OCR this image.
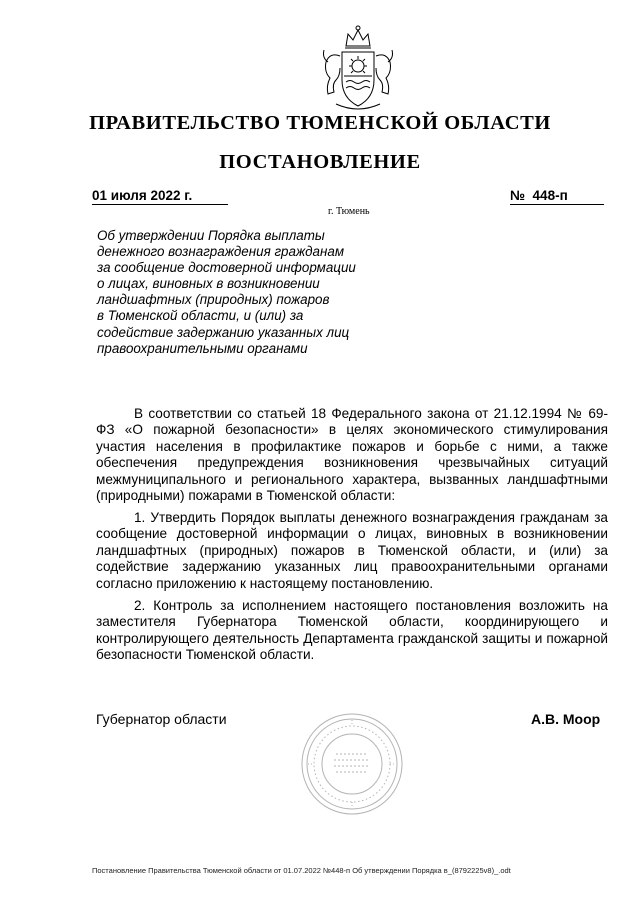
ПРАВИТЕЛЬСТВО ТЮМЕНСКОЙ ОБЛАСТИ
ПОСТАНОВЛЕНИЕ
01 июля 2022 г.	№  448-п
г. Тюмень
Об утверждении Порядка выплаты
денежного вознаграждения гражданам
за сообщение достоверной информации
о лицах, виновных в возникновении
ландшафтных (природных) пожаров
в Тюменской области, и (или) за
содействие задержанию указанных лиц
правоохранительными органами

В соответствии со статьей 18 Федерального закона от 21.12.1994 № 69-ФЗ «О пожарной безопасности» в целях экономического стимулирования участия населения в профилактике пожаров и борьбе с ними, а также обеспечения предупреждения возникновения чрезвычайных ситуаций межмуниципального и регионального характера, вызванных ландшафтными (природными) пожарами в Тюменской области:

1. Утвердить Порядок выплаты денежного вознаграждения гражданам за сообщение достоверной информации о лицах, виновных в возникновении ландшафтных (природных) пожаров в Тюменской области, и (или) за содействие задержанию указанных лиц правоохранительными органами согласно приложению к настоящему постановлению.

2. Контроль за исполнением настоящего постановления возложить на заместителя Губернатора Тюменской области, координирующего и контролирующего деятельность Департамента гражданской защиты и пожарной безопасности Тюменской области.

Губернатор области	А.В. Моор
Постановление Правительства Тюменской области от 01.07.2022 №448-п Об утверждении Порядка в_(8792225v8)_.odt
